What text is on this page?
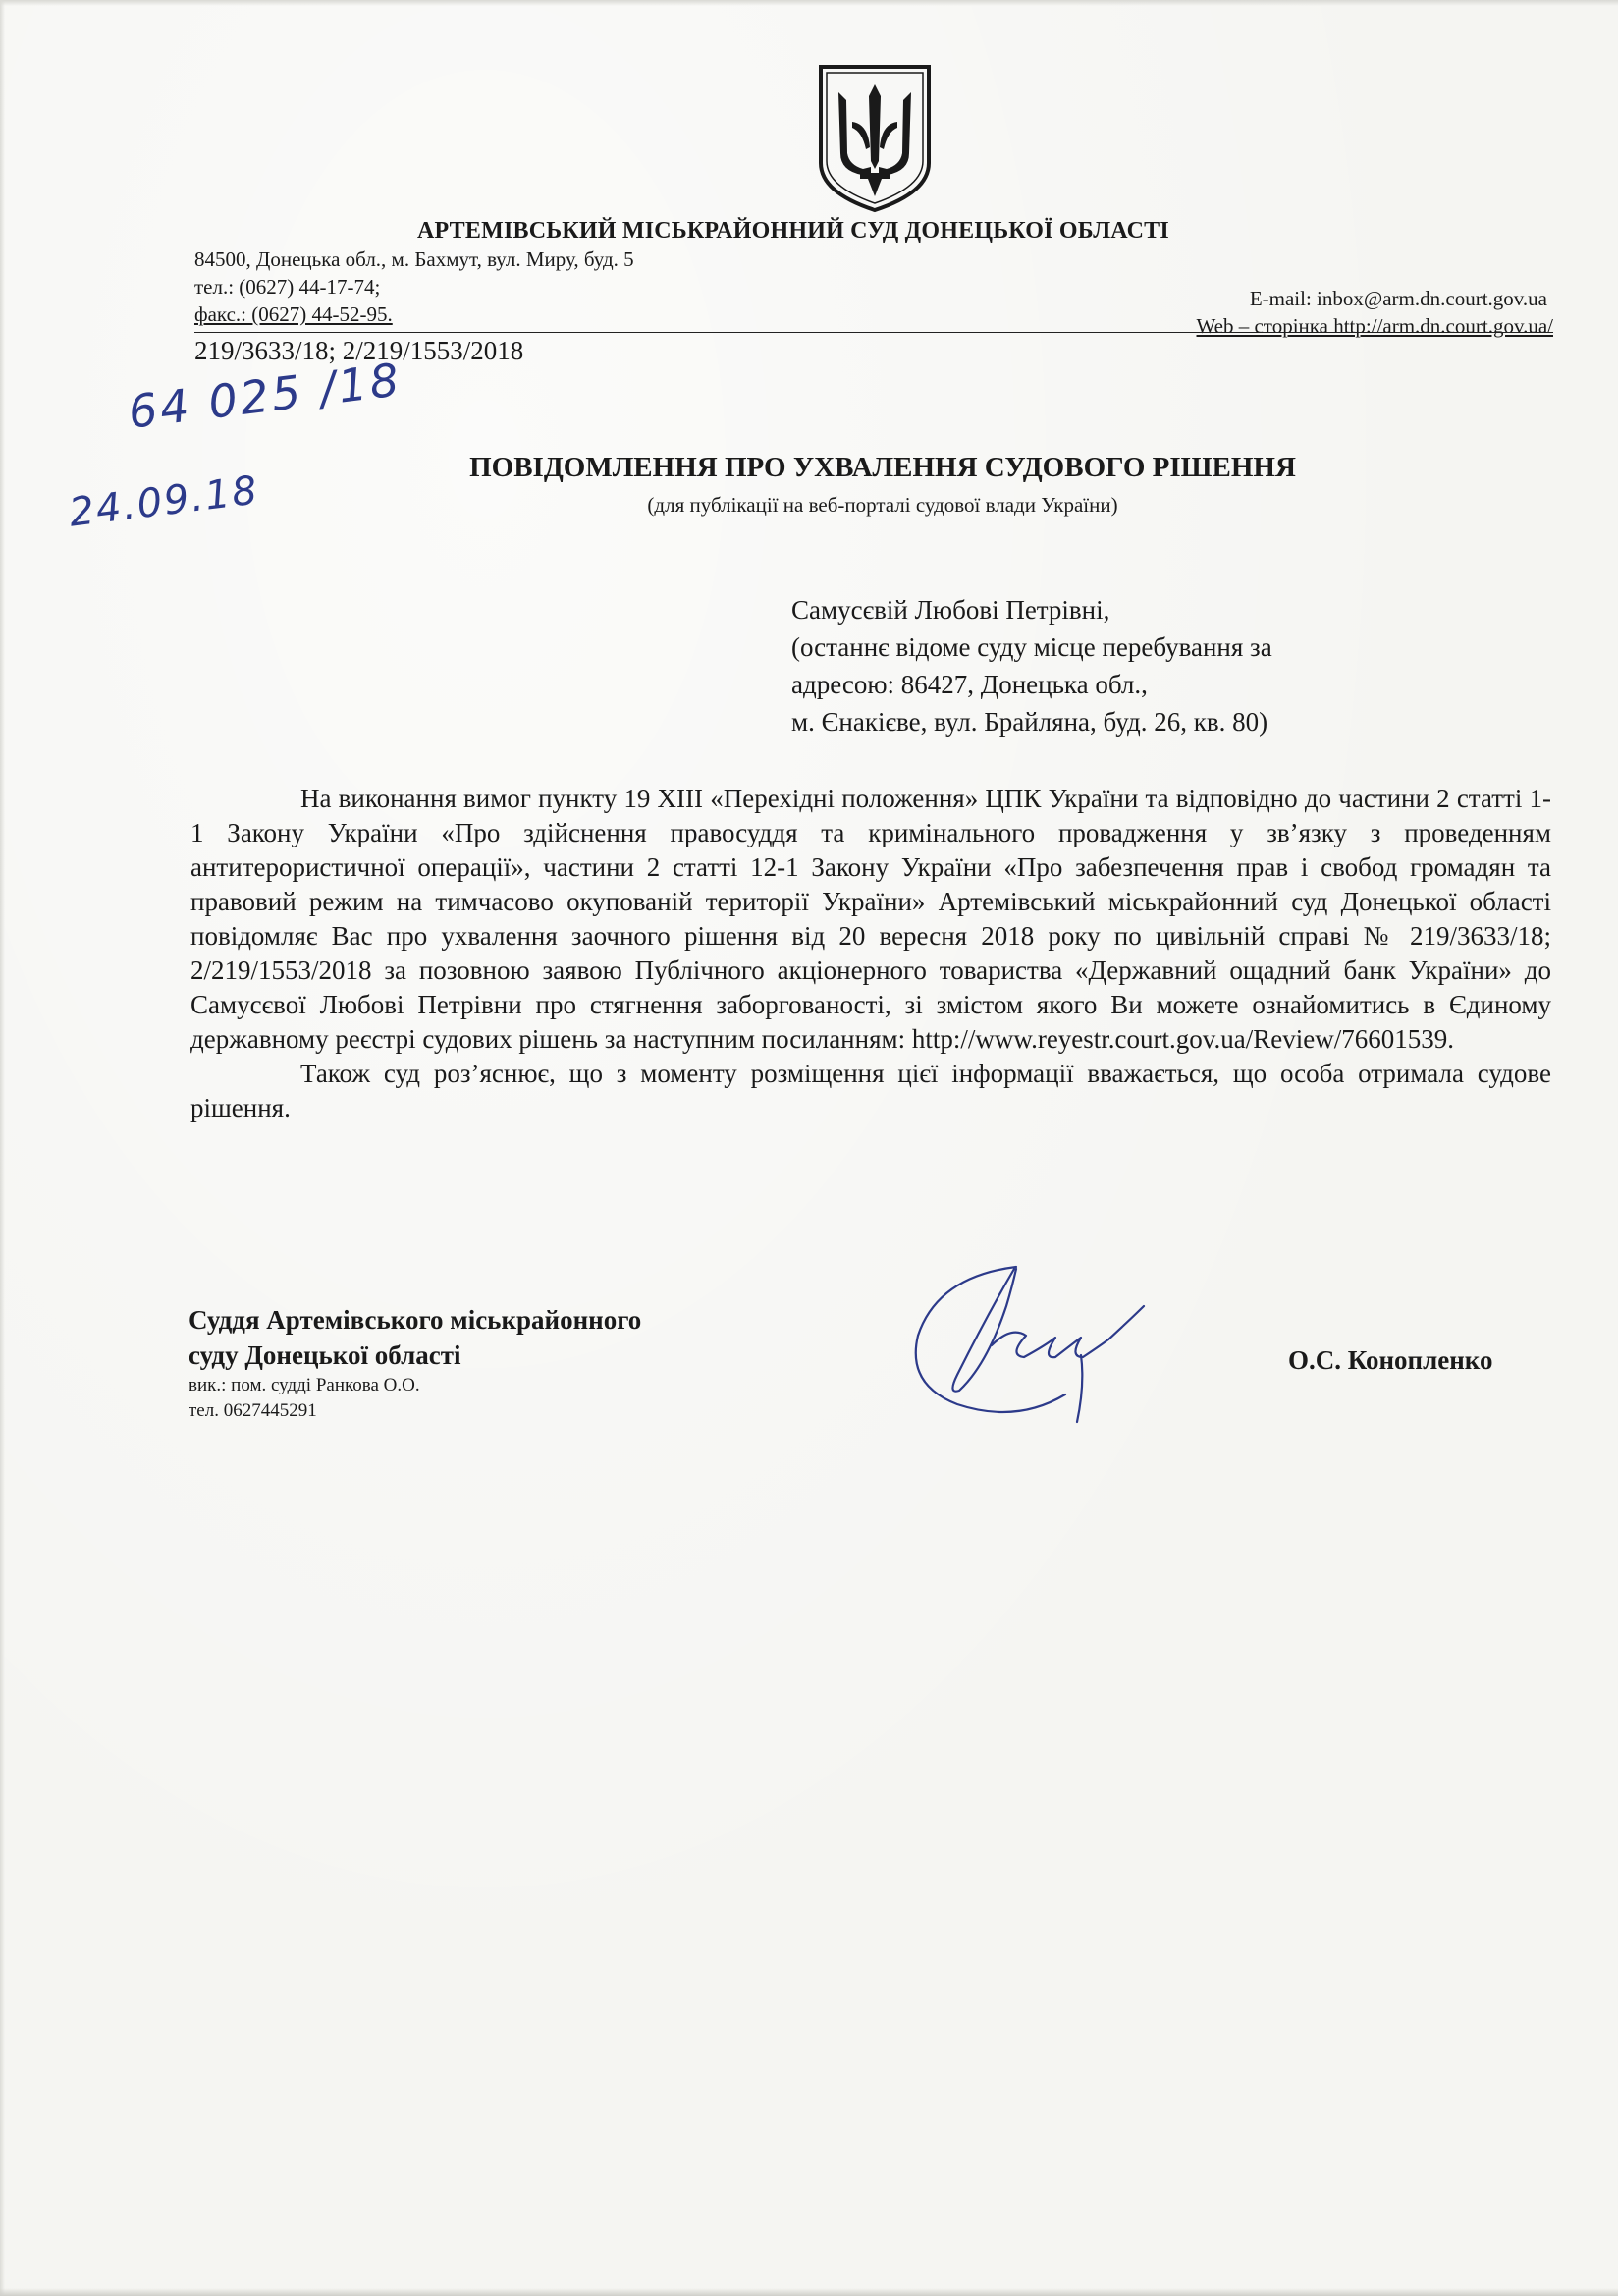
АРТЕМІВСЬКИЙ МІСЬКРАЙОННИЙ СУД ДОНЕЦЬКОЇ ОБЛАСТІ
84500, Донецька обл., м. Бахмут, вул. Миру, буд. 5
тел.: (0627) 44-17-74;
факс.: (0627) 44-52-95.
E-mail: inbox@arm.dn.court.gov.ua
Web – сторінка http://arm.dn.court.gov.ua/
219/3633/18; 2/219/1553/2018
64 025 /18
24.09.18
ПОВІДОМЛЕННЯ ПРО УХВАЛЕННЯ СУДОВОГО РІШЕННЯ
(для публікації на веб-порталі судової влади України)
Самусєвій Любові Петрівні,
(останнє відоме суду місце перебування за
адресою: 86427, Донецька обл.,
м. Єнакієве, вул. Брайляна, буд. 26, кв. 80)

На виконання вимог пункту 19 ХІІІ «Перехідні положення» ЦПК України та відповідно до частини 2 статті 1-1 Закону України «Про здійснення правосуддя та кримінального провадження у зв’язку з проведенням антитерористичної операції», частини 2 статті 12-1 Закону України «Про забезпечення прав і свобод громадян та правовий режим на тимчасово окупованій території України» Артемівський міськрайонний суд Донецької області повідомляє Вас про ухвалення заочного рішення від 20 вересня 2018 року по цивільній справі № 219/3633/18; 2/219/1553/2018 за позовною заявою Публічного акціонерного товариства «Державний ощадний банк України» до Самусєвої Любові Петрівни про стягнення заборгованості, зі змістом якого Ви можете ознайомитись в Єдиному державному реєстрі судових рішень за наступним посиланням: http://www.reyestr.court.gov.ua/Review/76601539.

Також суд роз’яснює, що з моменту розміщення цієї інформації вважається, що особа отримала судове рішення.

Суддя Артемівського міськрайонного
суду Донецької області
вик.: пом. судді Ранкова О.О.
тел. 0627445291
О.С. Конопленко
